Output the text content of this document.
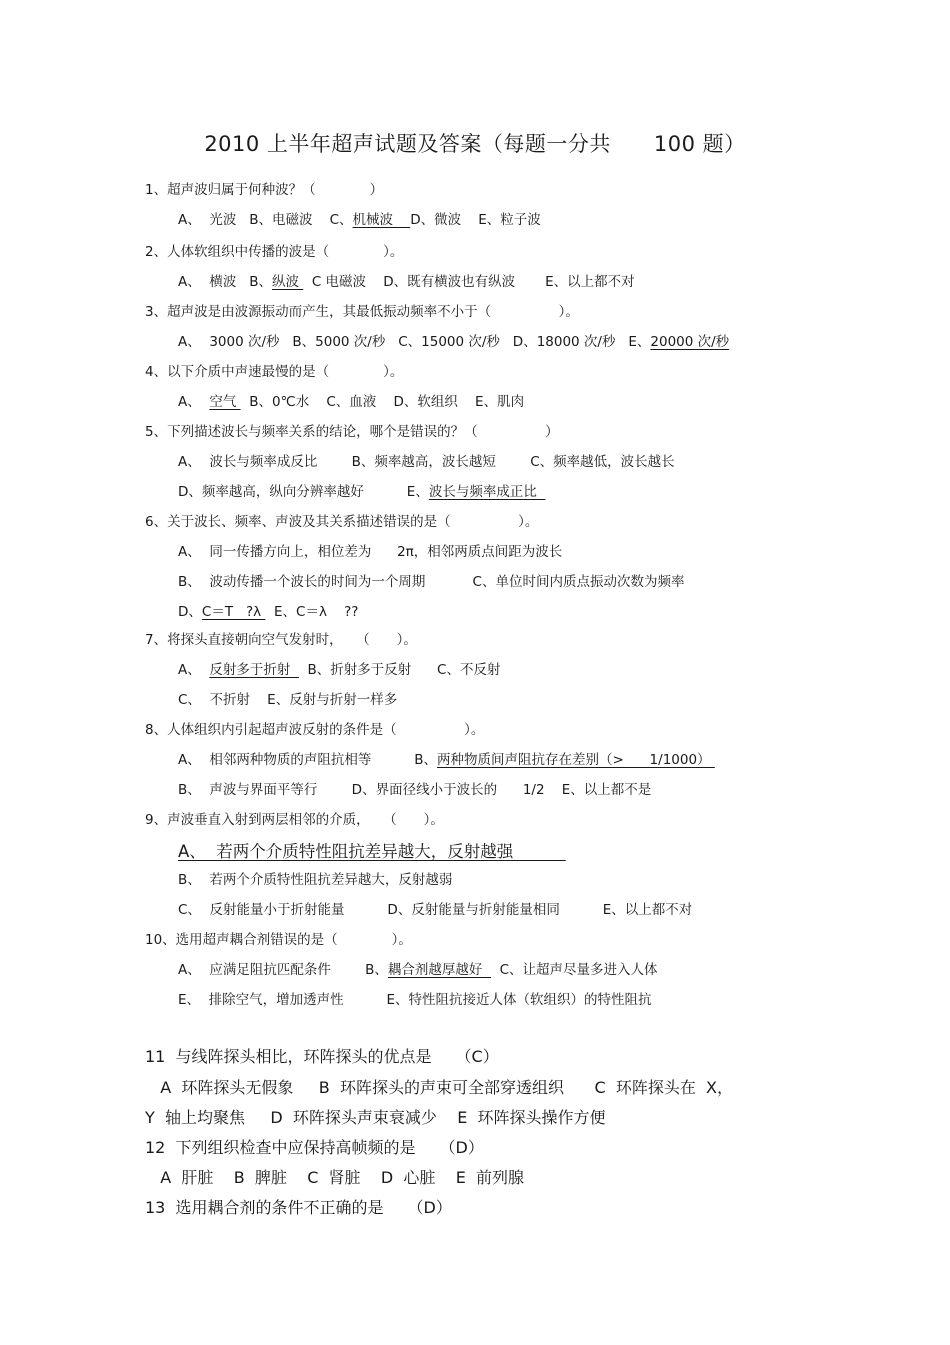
2010 上半年超声试题及答案（每题一分共　　100 题）
1、超声波归属于何种波？（　　　　）
A、  光波   B、电磁波    C、机械波    D、微波    E、粒子波
2、人体软组织中传播的波是（　　　　）。
A、  横波   B、纵波   C 电磁波    D、既有横波也有纵波       E、以上都不对
3、超声波是由波源振动而产生，其最低振动频率不小于（　　　　　）。
A、  3000 次/秒   B、5000 次/秒   C、15000 次/秒   D、18000 次/秒   E、20000 次/秒
4、以下介质中声速最慢的是（　　　　）。
A、  空气   B、0℃水    C、血液    D、软组织    E、肌肉
5、下列描述波长与频率关系的结论，哪个是错误的？（　　　　　）
A、  波长与频率成反比        B、频率越高，波长越短        C、频率越低，波长越长
D、频率越高，纵向分辨率越好          E、波长与频率成正比
6、关于波长、频率、声波及其关系描述错误的是（　　　　　）。
A、  同一传播方向上，相位差为      2π，相邻两质点间距为波长
B、  波动传播一个波长的时间为一个周期           C、单位时间内质点振动次数为频率
D、C＝T   ?λ   E、C＝λ    ??
7、将探头直接朝向空气发射时，　　（　　）。
A、  反射多于折射    B、折射多于反射      C、不反射
C、  不折射    E、反射与折射一样多
8、人体组织内引起超声波反射的条件是（　　　　　）。
A、  相邻两种物质的声阻抗相等          B、两种物质间声阻抗存在差别（>      1/1000）
B、  声波与界面平等行        D、界面径线小于波长的      1/2    E、以上都不是
9、声波垂直入射到两层相邻的介质，　　（　　）。
A、  若两个介质特性阻抗差异越大，反射越强
B、  若两个介质特性阻抗差异越大，反射越弱
C、  反射能量小于折射能量          D、反射能量与折射能量相同          E、以上都不对
10、选用超声耦合剂错误的是（　　　　）。
A、  应满足阻抗匹配条件        B、耦合剂越厚越好    C、让超声尽量多进入人体
E、  排除空气，增加透声性          E、特性阻抗接近人体（软组织）的特性阻抗
11  与线阵探头相比，环阵探头的优点是　　（C）
A  环阵探头无假象     B  环阵探头的声束可全部穿透组织      C  环阵探头在  X，
Y  轴上均聚焦     D  环阵探头声束衰减少    E  环阵探头操作方便
12  下列组织检查中应保持高帧频的是　　（D）
A  肝脏    B  脾脏    C  肾脏    D  心脏    E  前列腺
13  选用耦合剂的条件不正确的是　　（D）
